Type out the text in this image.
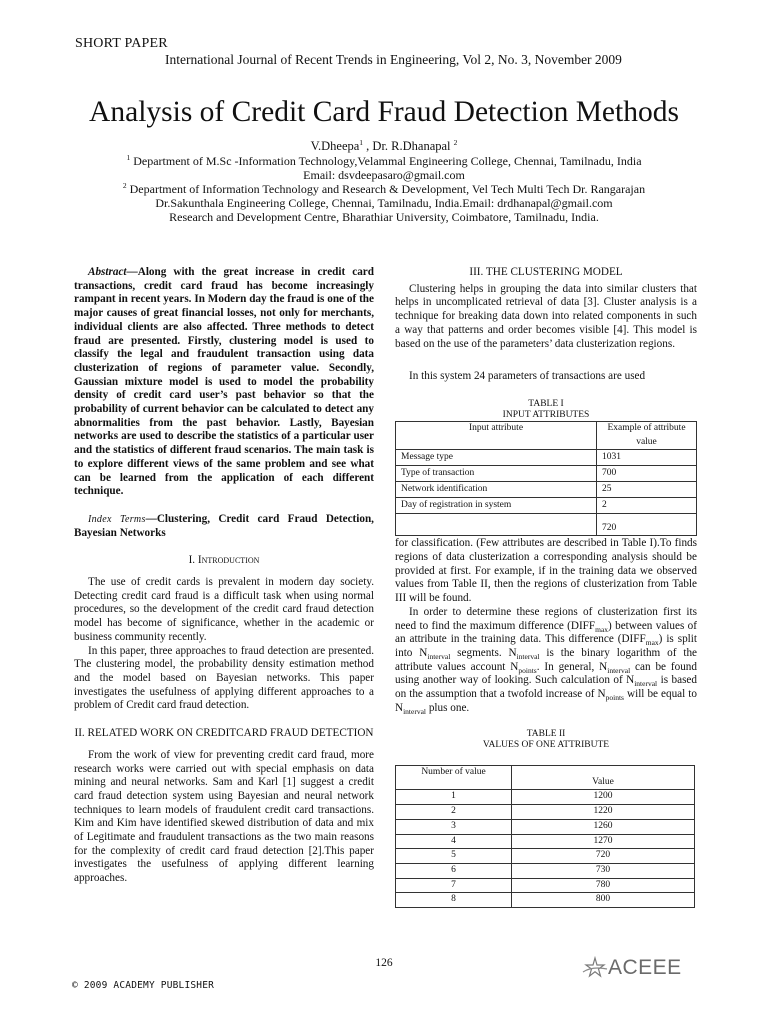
SHORT PAPER
International Journal of Recent Trends in Engineering, Vol 2, No. 3, November 2009
Analysis of Credit Card Fraud Detection Methods
V.Dheepa$^1$ , Dr. R.Dhanapal $^2$
$^1$ Department of M.Sc -Information Technology,Velammal Engineering College, Chennai, Tamilnadu, India
Email: dsvdeepasaro@gmail.com
$^2$ Department of Information Technology and Research & Development, Vel Tech Multi Tech Dr. Rangarajan
Dr.Sakunthala Engineering College, Chennai, Tamilnadu, India.Email: drdhanapal@gmail.com
Research and Development Centre, Bharathiar University, Coimbatore, Tamilnadu, India.

Abstract—Along with the great increase in credit card transactions, credit card fraud has become increasingly rampant in recent years. In Modern day the fraud is one of the major causes of great financial losses, not only for merchants, individual clients are also affected. Three methods to detect fraud are presented. Firstly, clustering model is used to classify the legal and fraudulent transaction using data clusterization of regions of parameter value. Secondly, Gaussian mixture model is used to model the probability density of credit card user’s past behavior so that the probability of current behavior can be calculated to detect any abnormalities from the past behavior. Lastly, Bayesian networks are used to describe the statistics of a particular user and the statistics of different fraud scenarios. The main task is to explore different views of the same problem and see what can be learned from the application of each different technique.

Index Terms—Clustering, Credit card Fraud Detection, Bayesian Networks

I. Introduction

The use of credit cards is prevalent in modern day society. Detecting credit card fraud is a difficult task when using normal procedures, so the development of the credit card fraud detection model has become of significance, whether in the academic or business community recently.

In this paper, three approaches to fraud detection are presented. The clustering model, the probability density estimation method and the model based on Bayesian networks. This paper investigates the usefulness of applying different approaches to a problem of Credit card fraud detection.

II. RELATED WORK ON CREDITCARD FRAUD DETECTION

From the work of view for preventing credit card fraud, more research works were carried out with special emphasis on data mining and neural networks. Sam and Karl [1] suggest a credit card fraud detection system using Bayesian and neural network techniques to learn models of fraudulent credit card transactions. Kim and Kim have identified skewed distribution of data and mix of Legitimate and fraudulent transactions as the two main reasons for the complexity of credit card fraud detection [2].This paper investigates the usefulness of applying different learning approaches.

III. THE CLUSTERING MODEL

Clustering helps in grouping the data into similar clusters that helps in uncomplicated retrieval of data [3]. Cluster analysis is a technique for breaking data down into related components in such a way that patterns and order becomes visible [4]. This model is based on the use of the parameters’ data clusterization regions.

In this system 24 parameters of transactions are used

TABLE I
INPUT ATTRIBUTES
Input attribute	Example of attribute value
Message type	1031
Type of transaction	700
Network identification	25
Day of registration in system	2
	720

for classification. (Few attributes are described in Table I).To finds regions of data clusterization a corresponding analysis should be provided at first. For example, if in the training data we observed values from Table II, then the regions of clusterization from Table III will be found.

In order to determine these regions of clusterization first its need to find the maximum difference $(DIFF_{max})$ between values of an attribute in the training data. This difference $(DIFF_{max})$ is split into $N_{interval}$ segments. $N_{interval}$ is the binary logarithm of the attribute values account $N_{points}$. In general, $N_{interval}$ can be found using another way of looking. Such calculation of $N_{interval}$ is based on the assumption that a twofold increase of $N_{points}$ will be equal to $N_{interval}$ plus one.

TABLE II
VALUES OF ONE ATTRIBUTE
Number of value	Value
1	1200
2	1220
3	1260
4	1270
5	720
6	730
7	780
8	800
126
© 2009 ACADEMY PUBLISHER
ACEEE
